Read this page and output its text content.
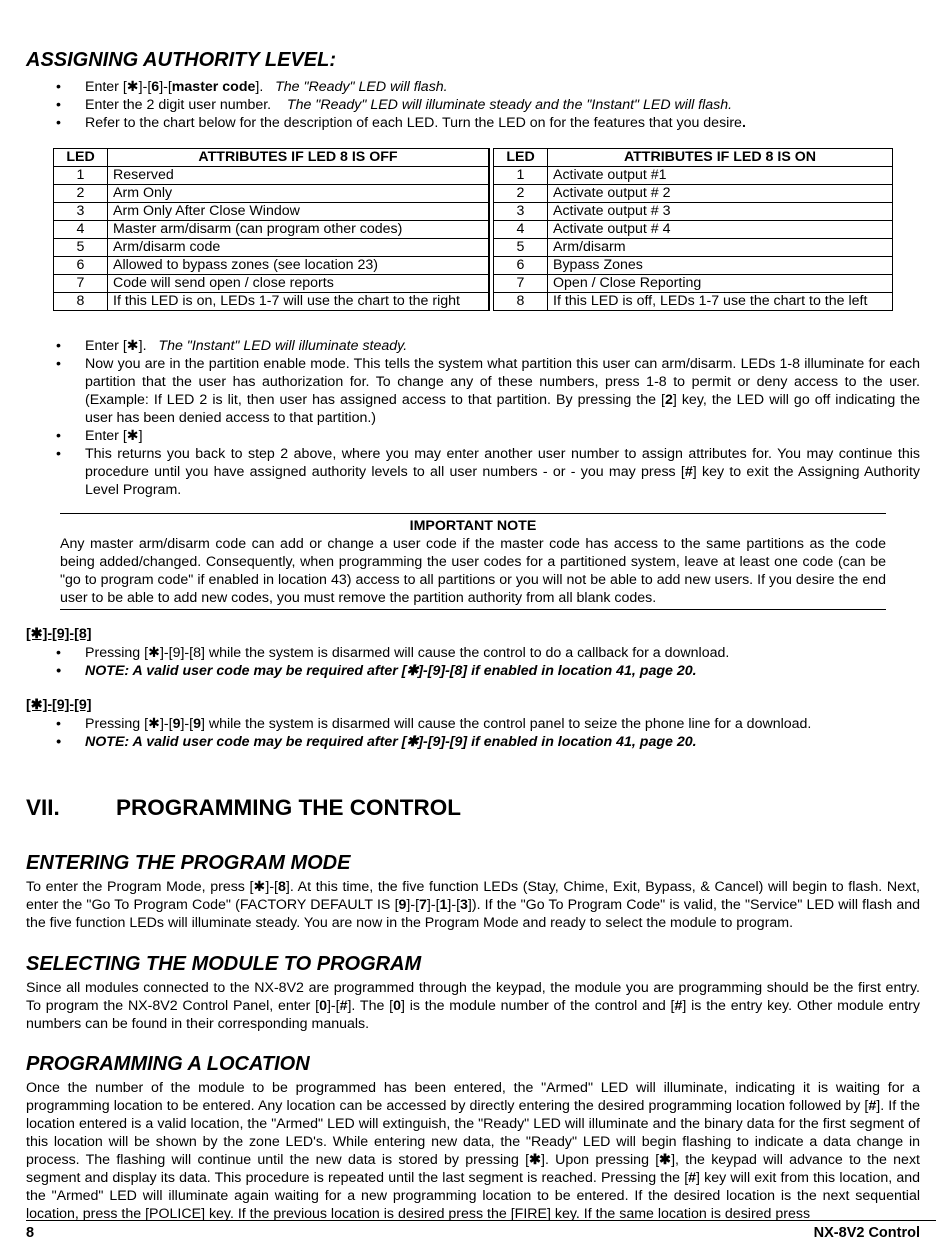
ASSIGNING AUTHORITY LEVEL:
• Enter [✱]-[6]-[master code]. The "Ready" LED will flash.
• Enter the 2 digit user number. The "Ready" LED will illuminate steady and the "Instant" LED will flash.
• Refer to the chart below for the description of each LED. Turn the LED on for the features that you desire.
LED	ATTRIBUTES IF LED 8 IS OFF
1	Reserved
2	Arm Only
3	Arm Only After Close Window
4	Master arm/disarm (can program other codes)
5	Arm/disarm code
6	Allowed to bypass zones (see location 23)
7	Code will send open / close reports
8	If this LED is on, LEDs 1-7 will use the chart to the right
LED	ATTRIBUTES IF LED 8 IS ON
1	Activate output #1
2	Activate output # 2
3	Activate output # 3
4	Activate output # 4
5	Arm/disarm
6	Bypass Zones
7	Open / Close Reporting
8	If this LED is off, LEDs 1-7 use the chart to the left
• Enter [✱]. The "Instant" LED will illuminate steady.
• Now you are in the partition enable mode. This tells the system what partition this user can arm/disarm. LEDs 1-8 illuminate for each partition that the user has authorization for. To change any of these numbers, press 1-8 to permit or deny access to the user. (Example: If LED 2 is lit, then user has assigned access to that partition. By pressing the [2] key, the LED will go off indicating the user has been denied access to that partition.)
• Enter [✱]
• This returns you back to step 2 above, where you may enter another user number to assign attributes for. You may continue this procedure until you have assigned authority levels to all user numbers - or - you may press [#] key to exit the Assigning Authority Level Program.
IMPORTANT NOTE
Any master arm/disarm code can add or change a user code if the master code has access to the same partitions as the code being added/changed. Consequently, when programming the user codes for a partitioned system, leave at least one code (can be "go to program code" if enabled in location 43) access to all partitions or you will not be able to add new users. If you desire the end user to be able to add new codes, you must remove the partition authority from all blank codes.
[✱]-[9]-[8]
• Pressing [✱]-[9]-[8] while the system is disarmed will cause the control to do a callback for a download.
• NOTE: A valid user code may be required after [✱]-[9]-[8] if enabled in location 41, page 20.
[✱]-[9]-[9]
• Pressing [✱]-[9]-[9] while the system is disarmed will cause the control panel to seize the phone line for a download.
• NOTE: A valid user code may be required after [✱]-[9]-[9] if enabled in location 41, page 20.
VII. PROGRAMMING THE CONTROL
ENTERING THE PROGRAM MODE
To enter the Program Mode, press [✱]-[8]. At this time, the five function LEDs (Stay, Chime, Exit, Bypass, & Cancel) will begin to flash. Next, enter the "Go To Program Code" (FACTORY DEFAULT IS [9]-[7]-[1]-[3]). If the "Go To Program Code" is valid, the "Service" LED will flash and the five function LEDs will illuminate steady. You are now in the Program Mode and ready to select the module to program.
SELECTING THE MODULE TO PROGRAM
Since all modules connected to the NX-8V2 are programmed through the keypad, the module you are programming should be the first entry. To program the NX-8V2 Control Panel, enter [0]-[#]. The [0] is the module number of the control and [#] is the entry key. Other module entry numbers can be found in their corresponding manuals.
PROGRAMMING A LOCATION
Once the number of the module to be programmed has been entered, the "Armed" LED will illuminate, indicating it is waiting for a programming location to be entered. Any location can be accessed by directly entering the desired programming location followed by [#]. If the location entered is a valid location, the "Armed" LED will extinguish, the "Ready" LED will illuminate and the binary data for the first segment of this location will be shown by the zone LED's. While entering new data, the "Ready" LED will begin flashing to indicate a data change in process. The flashing will continue until the new data is stored by pressing [✱]. Upon pressing [✱], the keypad will advance to the next segment and display its data. This procedure is repeated until the last segment is reached. Pressing the [#] key will exit from this location, and the "Armed" LED will illuminate again waiting for a new programming location to be entered. If the desired location is the next sequential location, press the [POLICE] key. If the previous location is desired press the [FIRE] key. If the same location is desired press
8	NX-8V2 Control
